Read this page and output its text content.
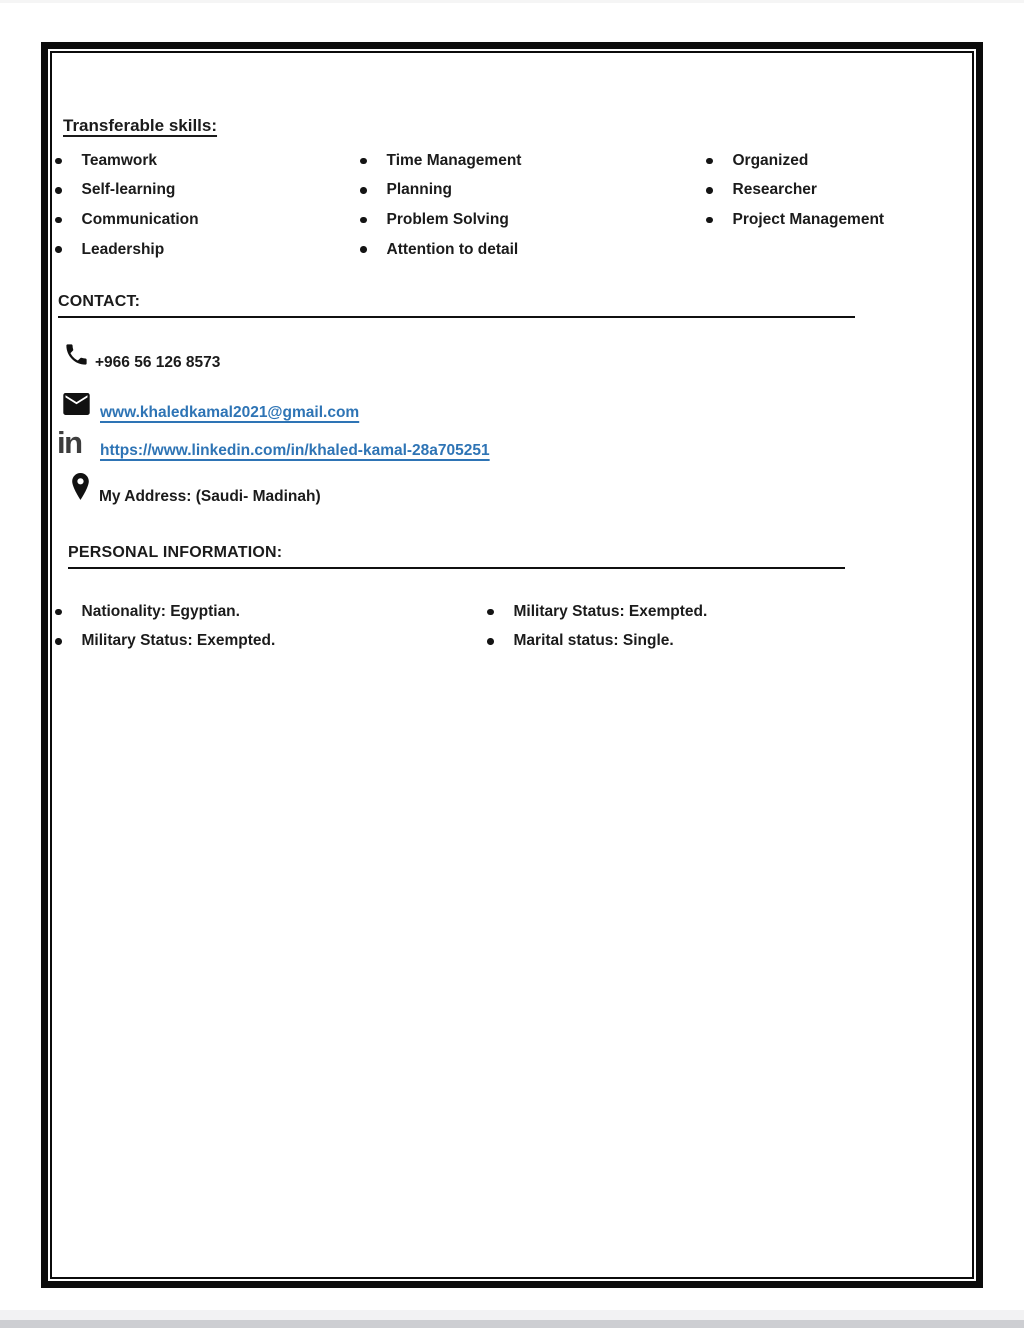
Transferable skills:
Teamwork
Self-learning
Communication
Leadership
Time Management
Planning
Problem Solving
Attention to detail
Organized
Researcher
Project Management
CONTACT:
+966 56 126 8573
www.khaledkamal2021@gmail.com
in https://www.linkedin.com/in/khaled-kamal-28a705251
My Address: (Saudi- Madinah)
PERSONAL INFORMATION:
Nationality: Egyptian.
Military Status: Exempted.
Military Status: Exempted.
Marital status: Single.
